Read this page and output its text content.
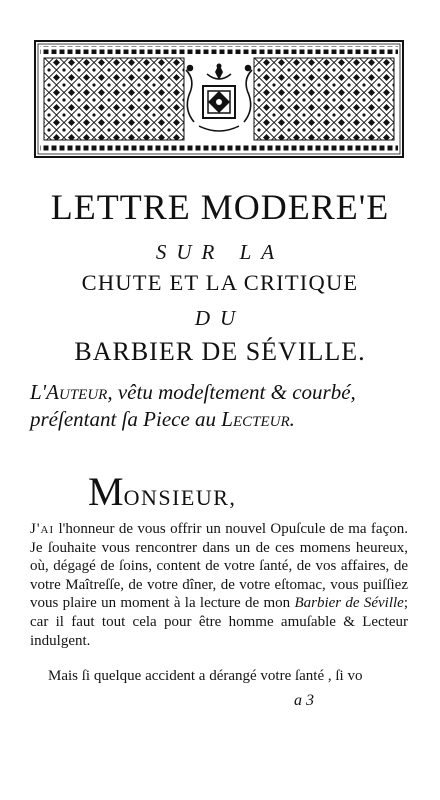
LETTRE MODERE'E
SUR LA
CHUTE ET LA CRITIQUE
DU
BARBIER DE SÉVILLE.
L'Auteur, vêtu modeſtement & courbé, préſentant ſa Piece au Lecteur.
MONSIEUR,
J'ai l'honneur de vous offrir un nouvel Opuſcule de ma façon. Je ſouhaite vous rencontrer dans un de ces momens heureux, où, dégagé de ſoins, content de votre ſanté, de vos affaires, de votre Maîtreſſe, de votre dîner, de votre eſtomac, vous puiſſiez vous plaire un moment à la lecture de mon Barbier de Séville; car il faut tout cela pour être homme amuſable & Lecteur indulgent.
Mais ſi quelque accident a dérangé votre ſanté , ſi vo
a 3
